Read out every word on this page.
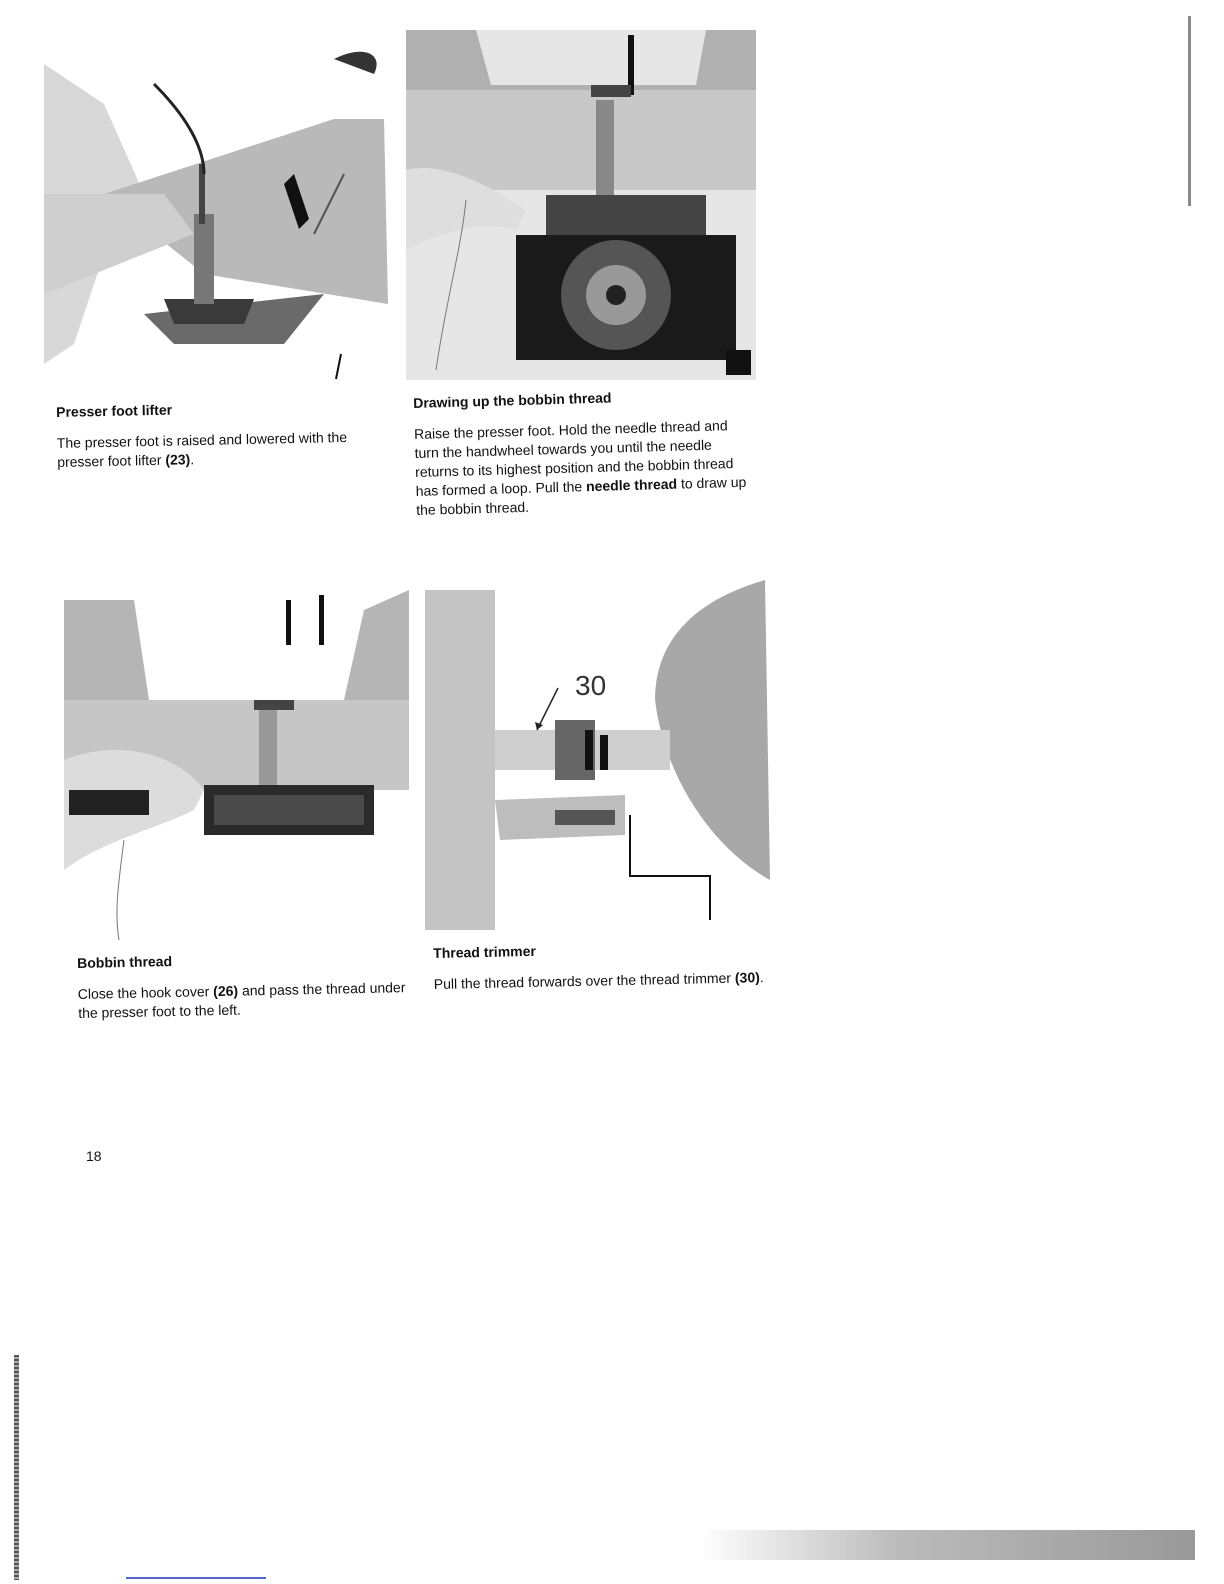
30
Presser foot lifter

The presser foot is raised and lowered with the presser foot lifter (23).

Drawing up the bobbin thread

Raise the presser foot. Hold the needle thread and turn the handwheel towards you until the needle returns to its highest position and the bobbin thread has formed a loop. Pull the needle thread to draw up the bobbin thread.

Bobbin thread

Close the hook cover (26) and pass the thread under the presser foot to the left.

Thread trimmer

Pull the thread forwards over the thread trimmer (30).

18
